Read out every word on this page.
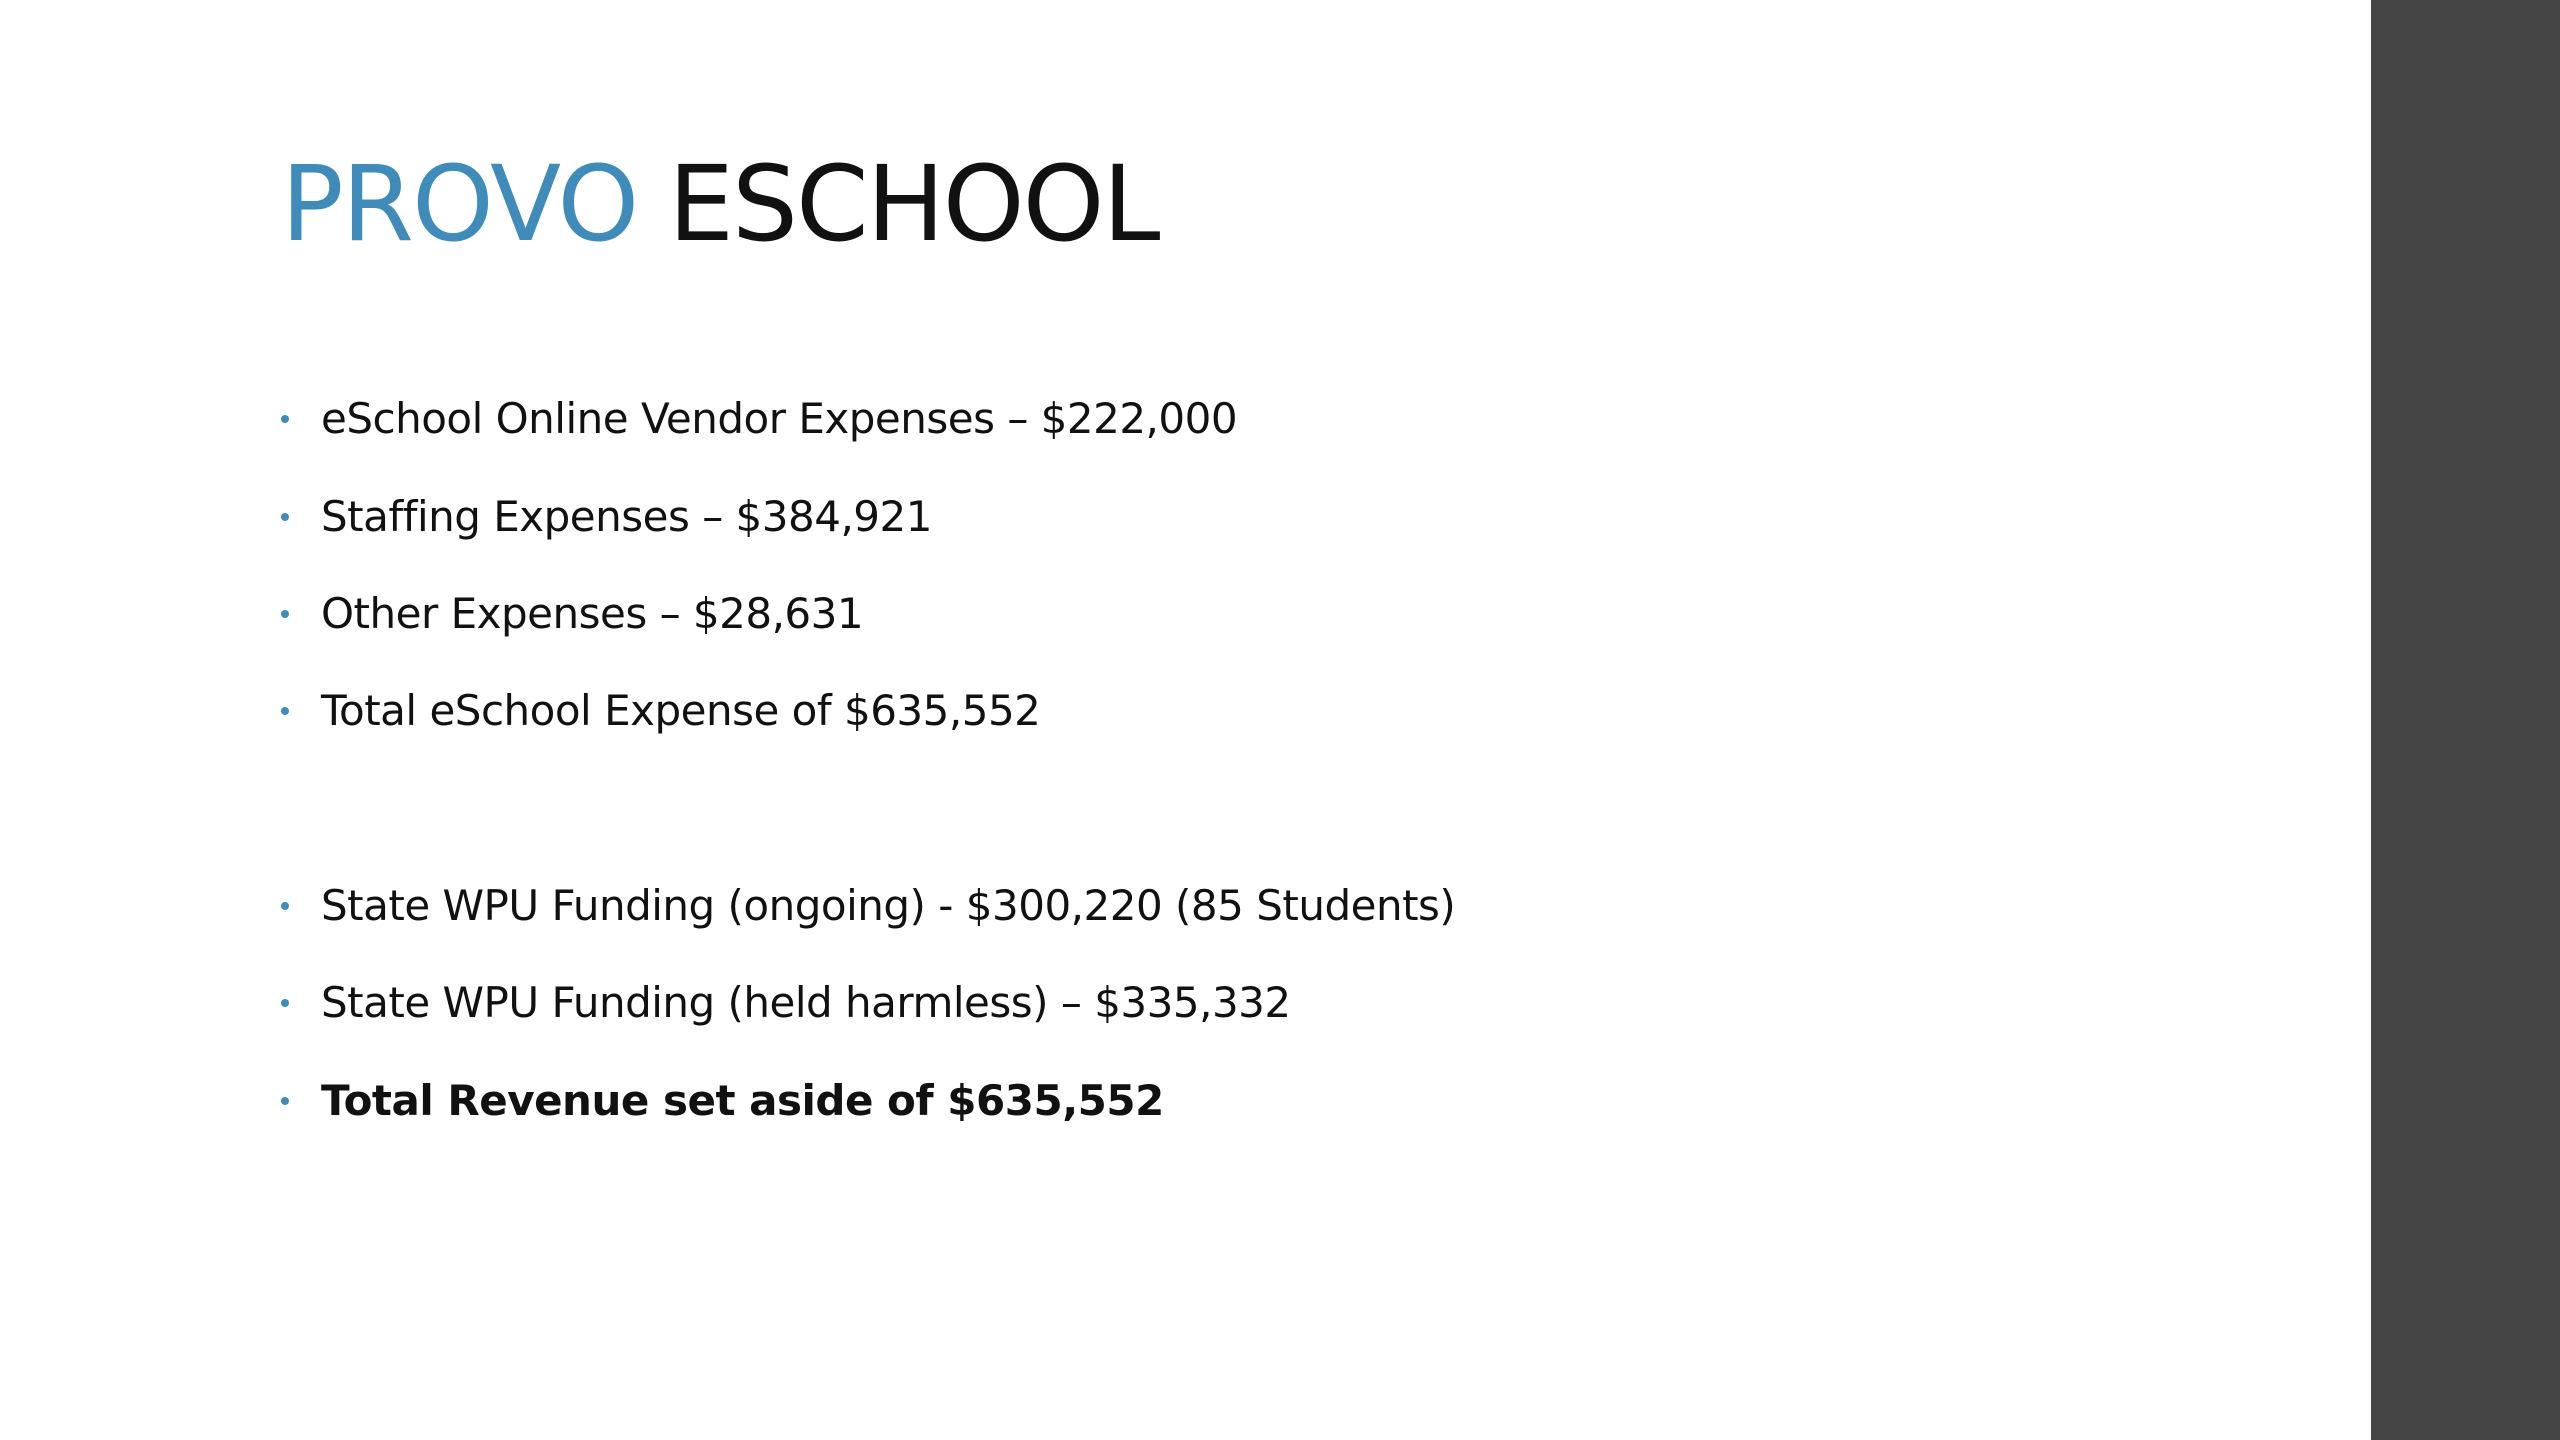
PROVO ESCHOOL
eSchool Online Vendor Expenses – $222,000
Staffing Expenses – $384,921
Other Expenses – $28,631
Total eSchool Expense of $635,552
State WPU Funding (ongoing) - $300,220 (85 Students)
State WPU Funding (held harmless) – $335,332
Total Revenue set aside of $635,552
